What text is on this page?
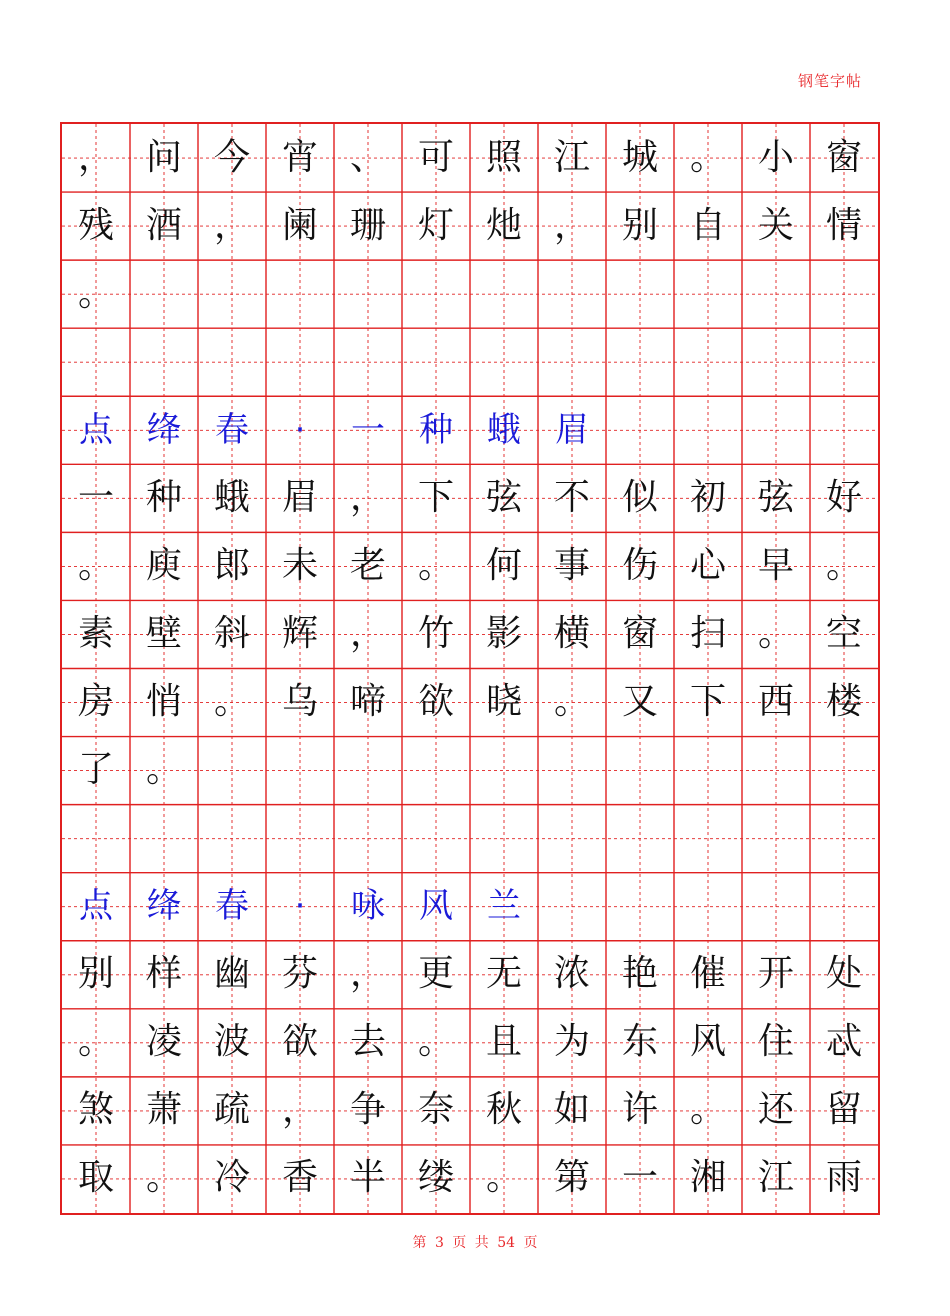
钢笔字帖
， 问 今 宵 、 可 照 江 城 。 小 窗
残 酒 ， 阑 珊 灯 灺 ， 别 自 关 情
。
点	绛	春	·	一	种	蛾	眉
一 种 蛾 眉 ， 下 弦 不 似 初 弦 好
。 庾 郎 未 老 。 何 事 伤 心 早 。
素 壁 斜 辉 ， 竹 影 横 窗 扫 。 空
房 悄 。 乌 啼 欲 晓 。 又 下 西 楼
了 。
点	绛	春	·	咏	风	兰
别 样 幽 芬 ， 更 无 浓 艳 催 开 处
。 凌 波 欲 去 。 且 为 东 风 住 忒
煞 萧 疏 ， 争 奈 秋 如 许 。 还 留
取 。 冷 香 半 缕 。 第 一 湘 江 雨
第 3 页 共 54 页
